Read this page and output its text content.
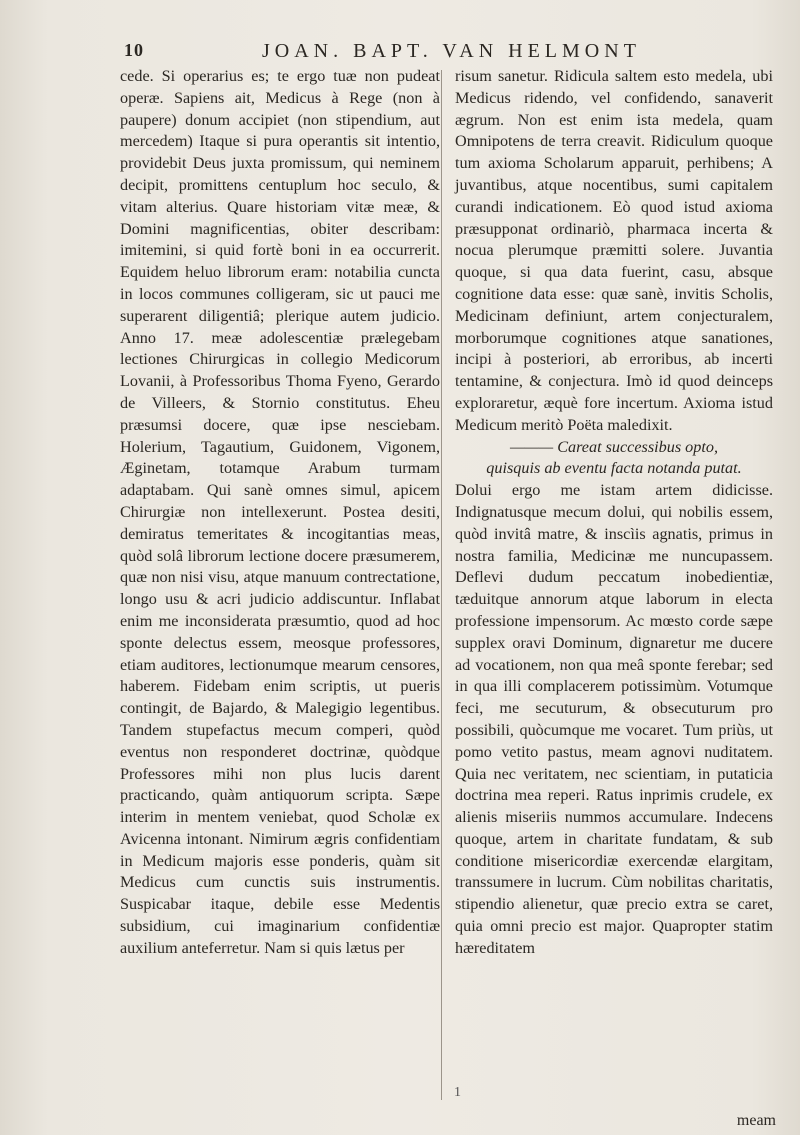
10	JOAN. BAPT. VAN HELMONT

cede. Si operarius es; te ergo tuæ non pudeat operæ. Sapiens ait, Medicus à Rege (non à paupere) donum accipiet (non stipendium, aut mercedem) Itaque si pura operantis sit intentio, providebit Deus juxta promissum, qui neminem decipit, promittens centuplum hoc seculo, & vitam alterius. Quare historiam vitæ meæ, & Domini magnificentias, obiter describam: imitemini, si quid fortè boni in ea occurrerit. Equidem heluo librorum eram: notabilia cuncta in locos communes colligeram, sic ut pauci me superarent diligentiâ; plerique autem judicio. Anno 17. meæ adolescentiæ prælegebam lectiones Chirurgicas in collegio Medicorum Lovanii, à Professoribus Thoma Fyeno, Gerardo de Villeers, & Stornio constitutus. Eheu præsumsi docere, quæ ipse nesciebam. Holerium, Tagautium, Guidonem, Vigonem, Æginetam, totamque Arabum turmam adaptabam. Qui sanè omnes simul, apicem Chirurgiæ non intellexerunt. Postea desiti, demiratus temeritates & incogitantias meas, quòd solâ librorum lectione docere præsumerem, quæ non nisi visu, atque manuum contrectatione, longo usu & acri judicio addiscuntur. Inflabat enim me inconsiderata præsumtio, quod ad hoc sponte delectus essem, meosque professores, etiam auditores, lectionumque mearum censores, haberem. Fidebam enim scriptis, ut pueris contingit, de Bajardo, & Malegigio legentibus. Tandem stupefactus mecum comperi, quòd eventus non responderet doctrinæ, quòdque Professores mihi non plus lucis darent practicando, quàm antiquorum scripta. Sæpe interim in mentem veniebat, quod Scholæ ex Avicenna intonant. Nimirum ægris confidentiam in Medicum majoris esse ponderis, quàm sit Medicus cum cunctis suis instrumentis. Suspicabar itaque, debile esse Medentis subsidium, cui imaginarium confidentiæ auxilium anteferretur. Nam si quis lætus per

risum sanetur. Ridicula saltem esto medela, ubi Medicus ridendo, vel confidendo, sanaverit ægrum. Non est enim ista medela, quam Omnipotens de terra creavit. Ridiculum quoque tum axioma Scholarum apparuit, perhibens; A juvantibus, atque nocentibus, sumi capitalem curandi indicationem. Eò quod istud axioma præsupponat ordinariò, pharmaca incerta & nocua plerumque præmitti solere. Juvantia quoque, si qua data fuerint, casu, absque cognitione data esse: quæ sanè, invitis Scholis, Medicinam definiunt, artem conjecturalem, morborumque cognitiones atque sanationes, incipi à posteriori, ab erroribus, ab incerti tentamine, & conjectura. Imò id quod deinceps exploraretur, æquè fore incertum. Axioma istud Medicum meritò Poëta maledixit.

——— Careat successibus opto,
quisquis ab eventu facta notanda putat.

Dolui ergo me istam artem didicisse. Indignatusque mecum dolui, qui nobilis essem, quòd invitâ matre, & inscìis agnatis, primus in nostra familia, Medicinæ me nuncupassem. Deflevi dudum peccatum inobedientiæ, tæduitque annorum atque laborum in electa professione impensorum. Ac mœsto corde sæpe supplex oravi Dominum, dignaretur me ducere ad vocationem, non qua meâ sponte ferebar; sed in qua illi complacerem potissimùm. Votumque feci, me secuturum, & obsecuturum pro possibili, quòcumque me vocaret. Tum priùs, ut pomo vetito pastus, meam agnovi nuditatem. Quia nec veritatem, nec scientiam, in putaticia doctrina mea reperi. Ratus inprimis crudele, ex alienis miseriis nummos accumulare. Indecens quoque, artem in charitate fundatam, & sub conditione misericordiæ exercendæ elargitam, transsumere in lucrum. Cùm nobilitas charitatis, stipendio alienetur, quæ precio extra se caret, quia omni precio est major. Quapropter statim hæreditatem

1
meam
